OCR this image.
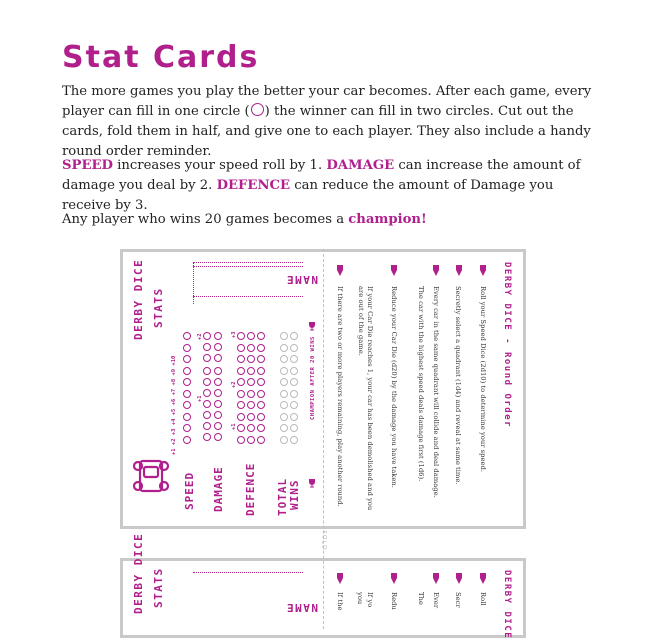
Stat Cards
The more games you play the better your car becomes. After each game, every player can fill in one circle ( ) the winner can fill in two circles. Cut out the cards, fold them in half, and give one to each player. They also include a handy round order reminder.
SPEED increases your speed roll by 1. DAMAGE can increase the amount of damage you deal by 2. DEFENCE can reduce the amount of Damage you receive by 3.
Any player who wins 20 games becomes a champion!
FOLD
DERBY DICE STATS
SPEED DAMAGE DEFENCE TOTAL WINS
+1 +2 +3 +4 +5 +6 +7 +8 +9 +10	+1
+2
+1
+2
+3
NAME
CHAMPION AFTER 20 WINS	DERBY DICE - Round Order
Roll your Speed Dice (2d10) to determine your speed.
Secretly select a quadrant (1d4) and reveal at same time.
Every car in the same quadrant will collide and deal damage.
The car with the highest speed deals damage first (1d6).
Reduce your Car Die (d20) by the damage you have taken.
If your Car Die reaches 1, your car has been demolished and you are out of the game.
If there are two or more players remaining, play another round.
DERBY DICE STATS	NAME	DERBY DICE
Roll
Secr
Ever
The
Redu
If yo
you
If the
